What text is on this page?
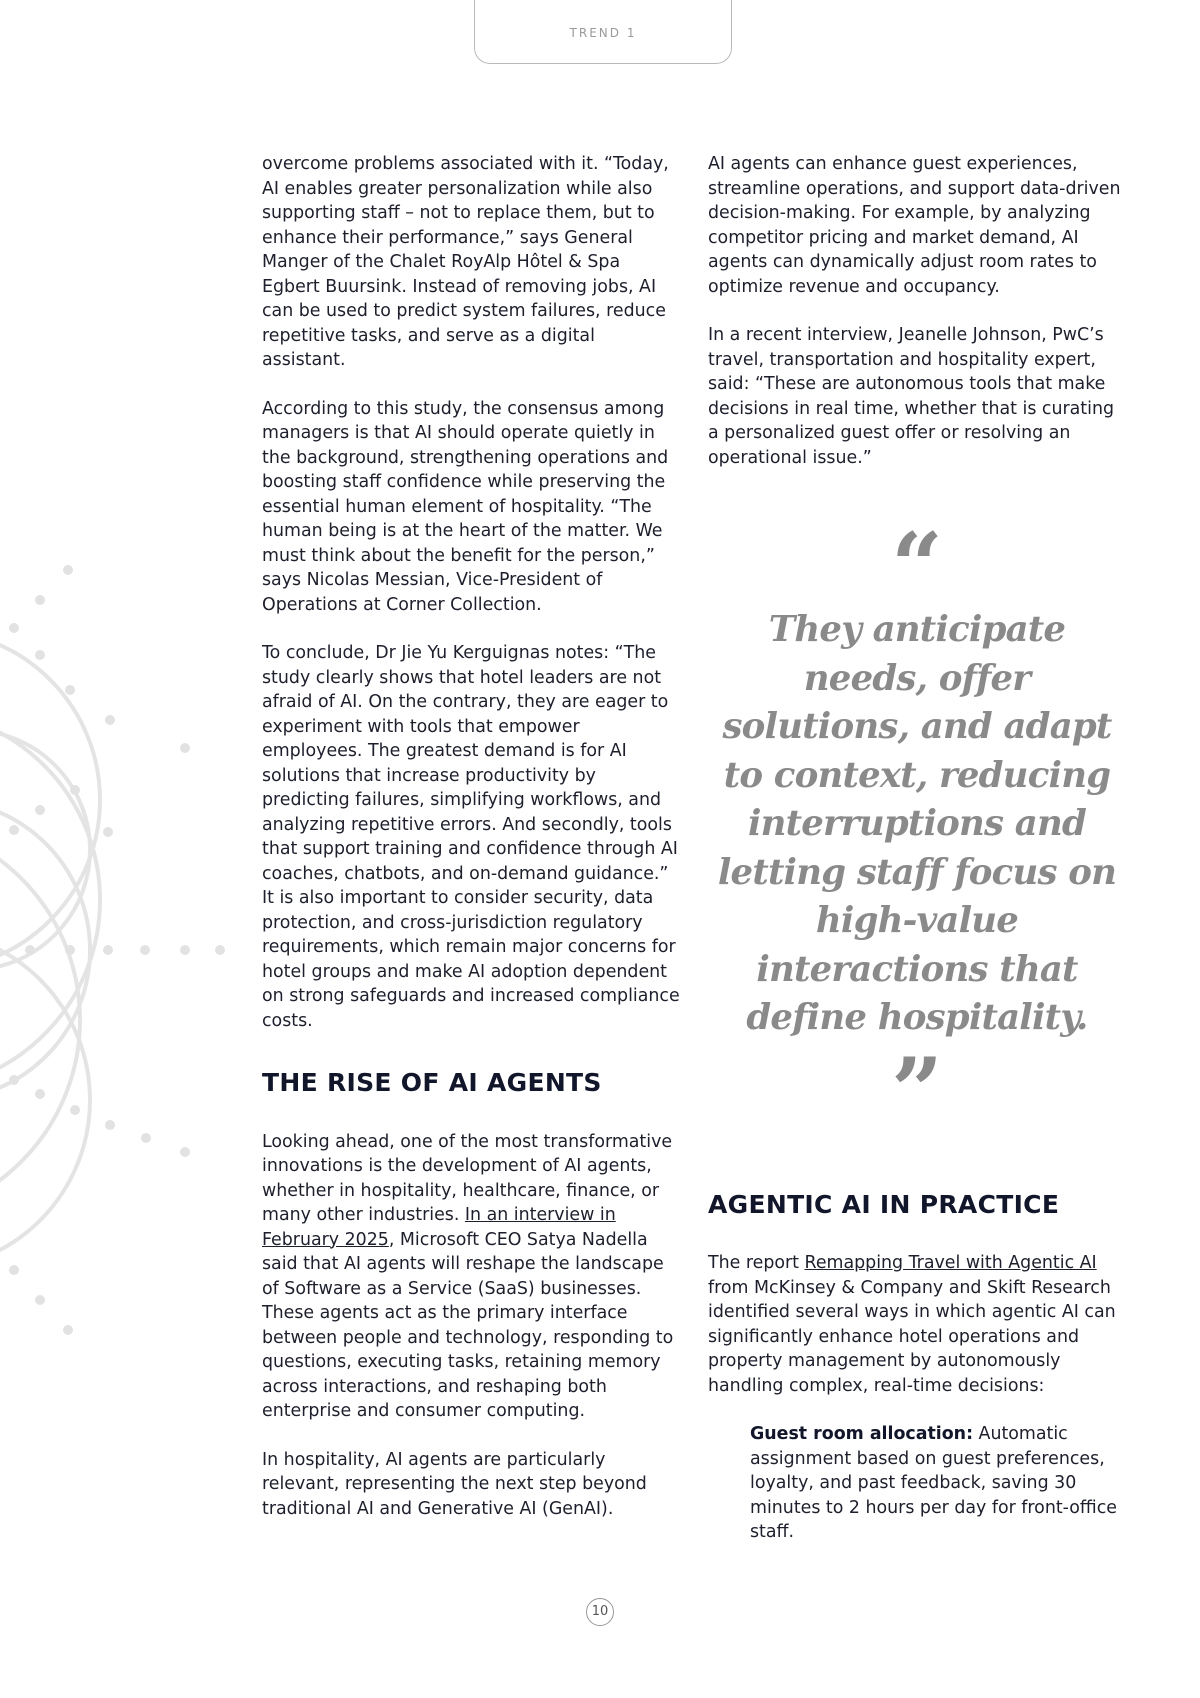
TREND 1

overcome problems associated with it. “Today, AI enables greater personalization while also supporting staff – not to replace them, but to enhance their performance,” says General Manger of the Chalet RoyAlp Hôtel & Spa Egbert Buursink. Instead of removing jobs, AI can be used to predict system failures, reduce repetitive tasks, and serve as a digital assistant.

According to this study, the consensus among managers is that AI should operate quietly in the background, strengthening operations and boosting staff confidence while preserving the essential human element of hospitality. “The human being is at the heart of the matter. We must think about the benefit for the person,” says Nicolas Messian, Vice-President of Operations at Corner Collection.

To conclude, Dr Jie Yu Kerguignas notes: “The study clearly shows that hotel leaders are not afraid of AI. On the contrary, they are eager to experiment with tools that empower employees. The greatest demand is for AI solutions that increase productivity by predicting failures, simplifying workflows, and analyzing repetitive errors. And secondly, tools that support training and confidence through AI coaches, chatbots, and on-demand guidance.” It is also important to consider security, data protection, and cross-jurisdiction regulatory requirements, which remain major concerns for hotel groups and make AI adoption dependent on strong safeguards and increased compliance costs.

THE RISE OF AI AGENTS

Looking ahead, one of the most transformative innovations is the development of AI agents, whether in hospitality, healthcare, finance, or many other industries. In an interview in February 2025, Microsoft CEO Satya Nadella said that AI agents will reshape the landscape of Software as a Service (SaaS) businesses. These agents act as the primary interface between people and technology, responding to questions, executing tasks, retaining memory across interactions, and reshaping both enterprise and consumer computing.

In hospitality, AI agents are particularly relevant, representing the next step beyond traditional AI and Generative AI (GenAI).

AI agents can enhance guest experiences, streamline operations, and support data-driven decision-making. For example, by analyzing competitor pricing and market demand, AI agents can dynamically adjust room rates to optimize revenue and occupancy.

In a recent interview, Jeanelle Johnson, PwC’s travel, transportation and hospitality expert, said: “These are autonomous tools that make decisions in real time, whether that is curating a personalized guest offer or resolving an operational issue.”

“
They anticipate needs, offer solutions, and adapt to context, reducing interruptions and letting staff focus on high-value interactions that define hospitality.
”
AGENTIC AI IN PRACTICE

The report Remapping Travel with Agentic AI from McKinsey & Company and Skift Research identified several ways in which agentic AI can significantly enhance hotel operations and property management by autonomously handling complex, real-time decisions:

Guest room allocation: Automatic assignment based on guest preferences, loyalty, and past feedback, saving 30 minutes to 2 hours per day for front-office staff.

10
